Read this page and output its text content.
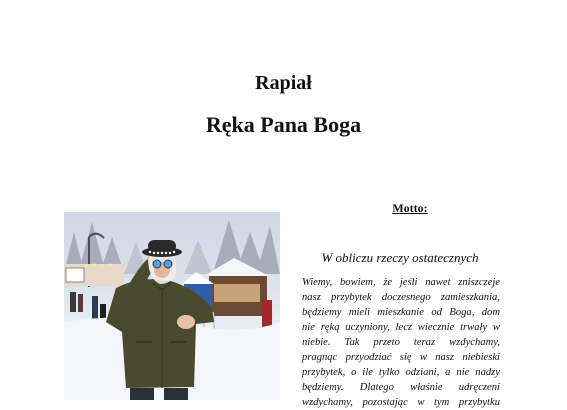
Rapiał
Ręka Pana Boga
Motto:
W obliczu rzeczy ostatecznych
Wiemy, bowiem, że jeśli nawet zniszczeje
nasz przybytek doczesnego zamieszkania,
będziemy mieli mieszkanie od Boga, dom
nie ręką uczyniony, lecz wiecznie trwały w
niebie. Tak przeto teraz wzdychamy,
pragnąc przyodziać się w nasz niebieski
przybytek, o ile tylko odziani, a nie nadzy
będziemy. Dlatego właśnie udręczeni
wzdychamy, pozostając w tym przybytku
